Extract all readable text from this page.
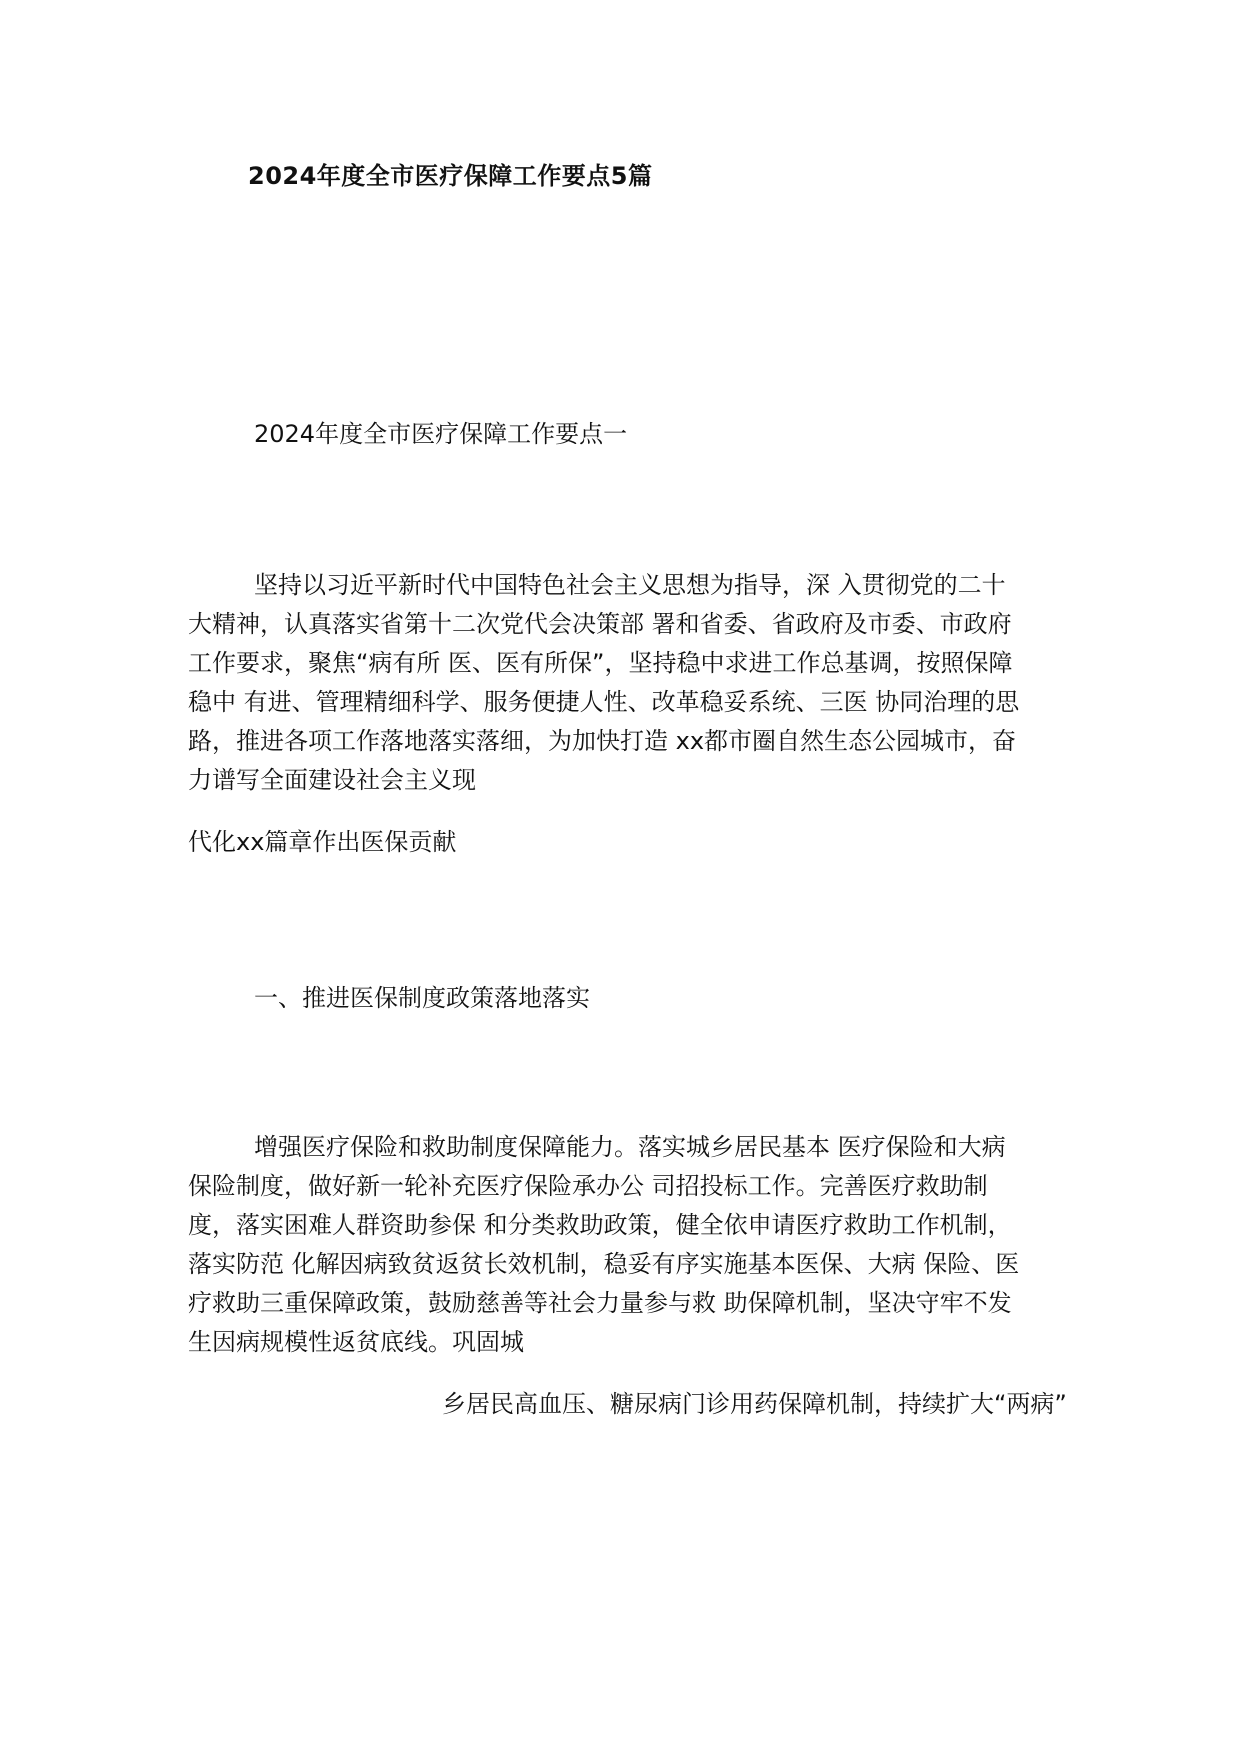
2024年度全市医疗保障工作要点5篇
2024年度全市医疗保障工作要点一
坚持以习近平新时代中国特色社会主义思想为指导，深 入贯彻党的二十
大精神，认真落实省第十二次党代会决策部 署和省委、省政府及市委、市政府
工作要求，聚焦“病有所 医、医有所保”，坚持稳中求进工作总基调，按照保障
稳中 有进、管理精细科学、服务便捷人性、改革稳妥系统、三医 协同治理的思
路，推进各项工作落地落实落细，为加快打造 xx都市圈自然生态公园城市，奋
力谱写全面建设社会主义现
代化xx篇章作出医保贡献
一、推进医保制度政策落地落实
增强医疗保险和救助制度保障能力。落实城乡居民基本 医疗保险和大病
保险制度，做好新一轮补充医疗保险承办公 司招投标工作。完善医疗救助制
度，落实困难人群资助参保 和分类救助政策，健全依申请医疗救助工作机制，
落实防范 化解因病致贫返贫长效机制，稳妥有序实施基本医保、大病 保险、医
疗救助三重保障政策，鼓励慈善等社会力量参与救 助保障机制，坚决守牢不发
生因病规模性返贫底线。巩固城
乡居民高血压、糖尿病门诊用药保障机制，持续扩大“两病”
